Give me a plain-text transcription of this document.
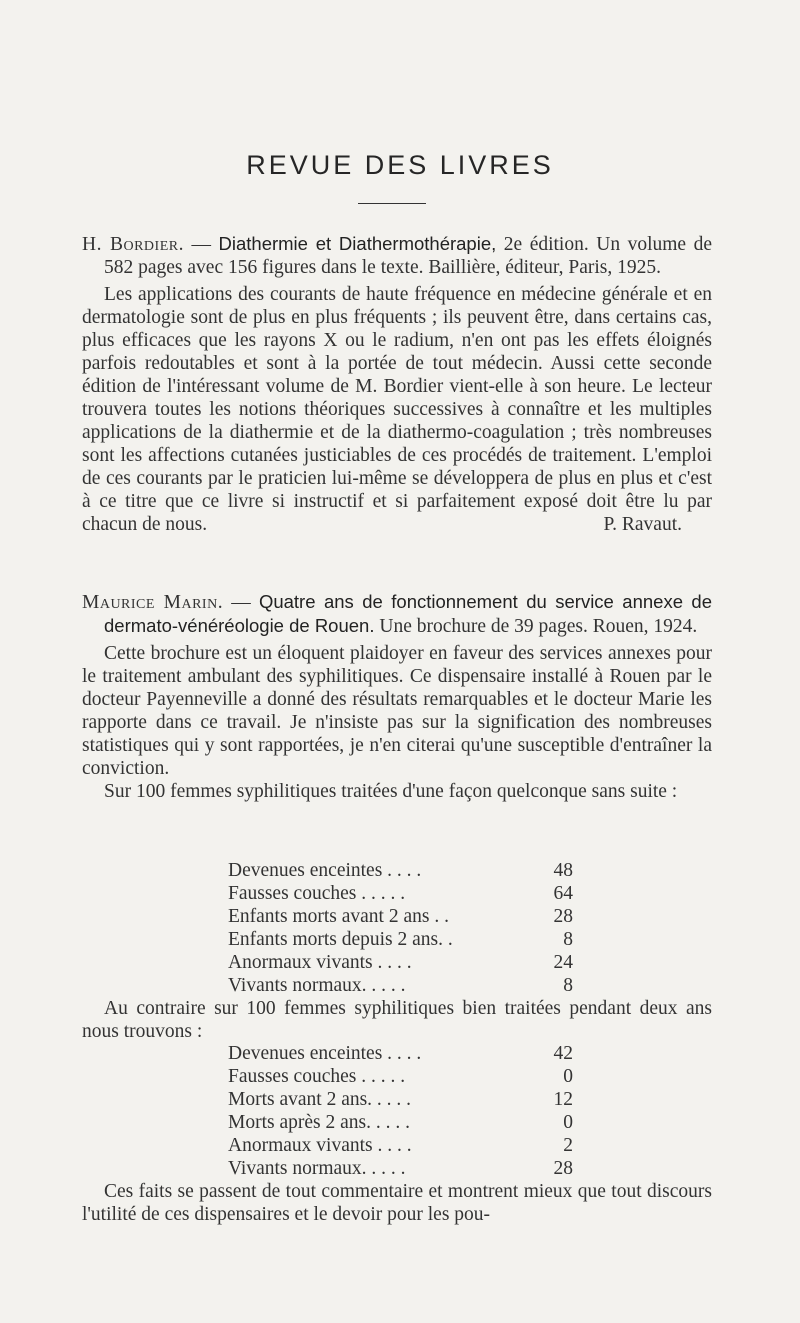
REVUE DES LIVRES

H. Bordier. — Diathermie et Diathermothérapie, 2e édition. Un volume de 582 pages avec 156 figures dans le texte. Baillière, éditeur, Paris, 1925.

Les applications des courants de haute fréquence en médecine générale et en dermatologie sont de plus en plus fréquents ; ils peuvent être, dans certains cas, plus efficaces que les rayons X ou le radium, n'en ont pas les effets éloignés parfois redoutables et sont à la portée de tout médecin. Aussi cette seconde édition de l'intéressant volume de M. Bordier vient-elle à son heure. Le lecteur trouvera toutes les notions théoriques successives à connaître et les multiples applications de la diathermie et de la diathermo-coagulation ; très nombreuses sont les affections cutanées justiciables de ces procédés de traitement. L'emploi de ces courants par le praticien lui-même se développera de plus en plus et c'est à ce titre que ce livre si instructif et si parfaitement exposé doit être lu par chacun de nous.	P. Ravaut.

Maurice Marin. — Quatre ans de fonctionnement du service annexe de dermato-vénéréologie de Rouen. Une brochure de 39 pages. Rouen, 1924.

Cette brochure est un éloquent plaidoyer en faveur des services annexes pour le traitement ambulant des syphilitiques. Ce dispensaire installé à Rouen par le docteur Payenneville a donné des résultats remarquables et le docteur Marie les rapporte dans ce travail. Je n'insiste pas sur la signification des nombreuses statistiques qui y sont rapportées, je n'en citerai qu'une susceptible d'entraîner la conviction.

Sur 100 femmes syphilitiques traitées d'une façon quelconque sans suite :

Devenues enceintes . . . .	48
Fausses couches . . . . .	64
Enfants morts avant 2 ans . .	28
Enfants morts depuis 2 ans. .	8
Anormaux vivants . . . .	24
Vivants normaux. . . . .	8

Au contraire sur 100 femmes syphilitiques bien traitées pendant deux ans nous trouvons :

Devenues enceintes . . . .	42
Fausses couches . . . . .	0
Morts avant 2 ans. . . . .	12
Morts après 2 ans. . . . .	0
Anormaux vivants . . . .	2
Vivants normaux. . . . .	28

Ces faits se passent de tout commentaire et montrent mieux que tout discours l'utilité de ces dispensaires et le devoir pour les pou-
